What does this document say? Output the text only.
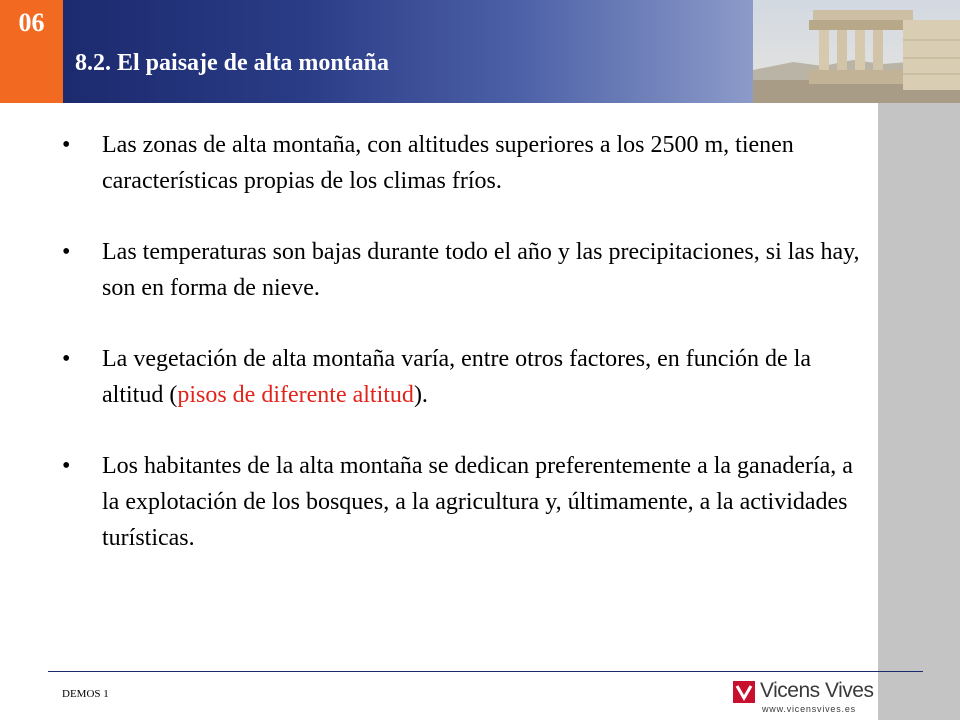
06
8.2. El paisaje de alta montaña
• Las zonas de alta montaña, con altitudes superiores a los 2500 m, tienen características propias de los climas fríos.
• Las temperaturas son bajas durante todo el año y las precipitaciones, si las hay, son en forma de nieve.
• La vegetación de alta montaña varía, entre otros factores, en función de la altitud (pisos de diferente altitud).
• Los habitantes de la alta montaña se dedican preferentemente a la ganadería, a la explotación de los bosques, a la agricultura y, últimamente, a la actividades turísticas.
DEMOS 1	Vicens Vives
www.vicensvives.es
